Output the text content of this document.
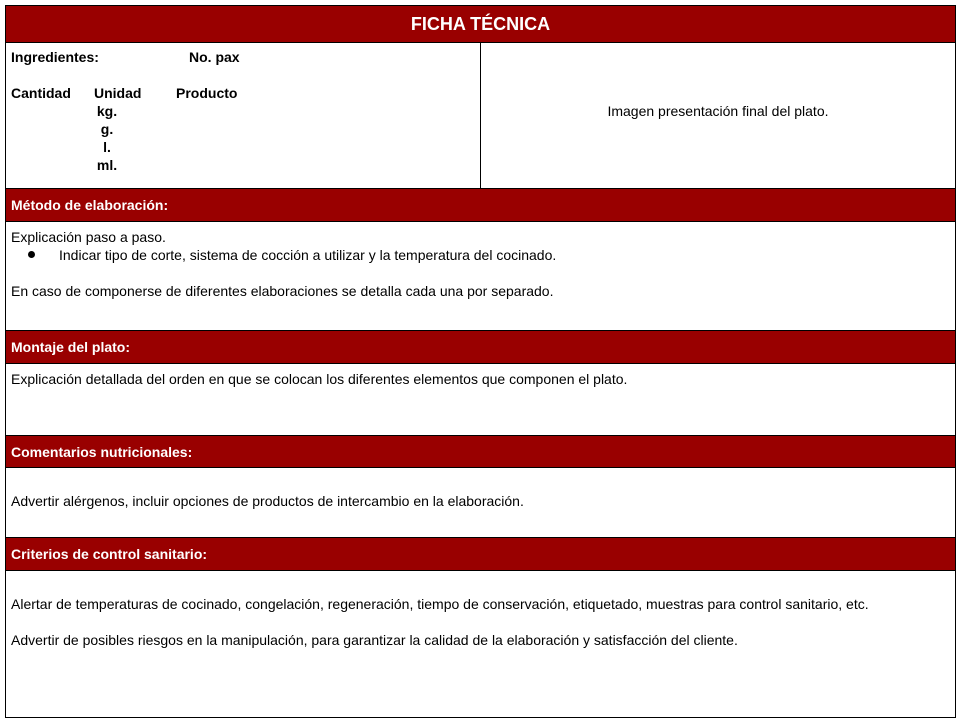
FICHA TÉCNICA
Ingredientes:	No. pax
Cantidad Unidad Producto
kg.
g.
l.
ml.
Imagen presentación final del plato.
Método de elaboración:
Explicación paso a paso.
Indicar tipo de corte, sistema de cocción a utilizar y la temperatura del cocinado.
En caso de componerse de diferentes elaboraciones se detalla cada una por separado.
Montaje del plato:
Explicación detallada del orden en que se colocan los diferentes elementos que componen el plato.
Comentarios nutricionales:
Advertir alérgenos, incluir opciones de productos de intercambio en la elaboración.
Criterios de control sanitario:
Alertar de temperaturas de cocinado, congelación, regeneración, tiempo de conservación, etiquetado, muestras para control sanitario, etc.
Advertir de posibles riesgos en la manipulación, para garantizar la calidad de la elaboración y satisfacción del cliente.
